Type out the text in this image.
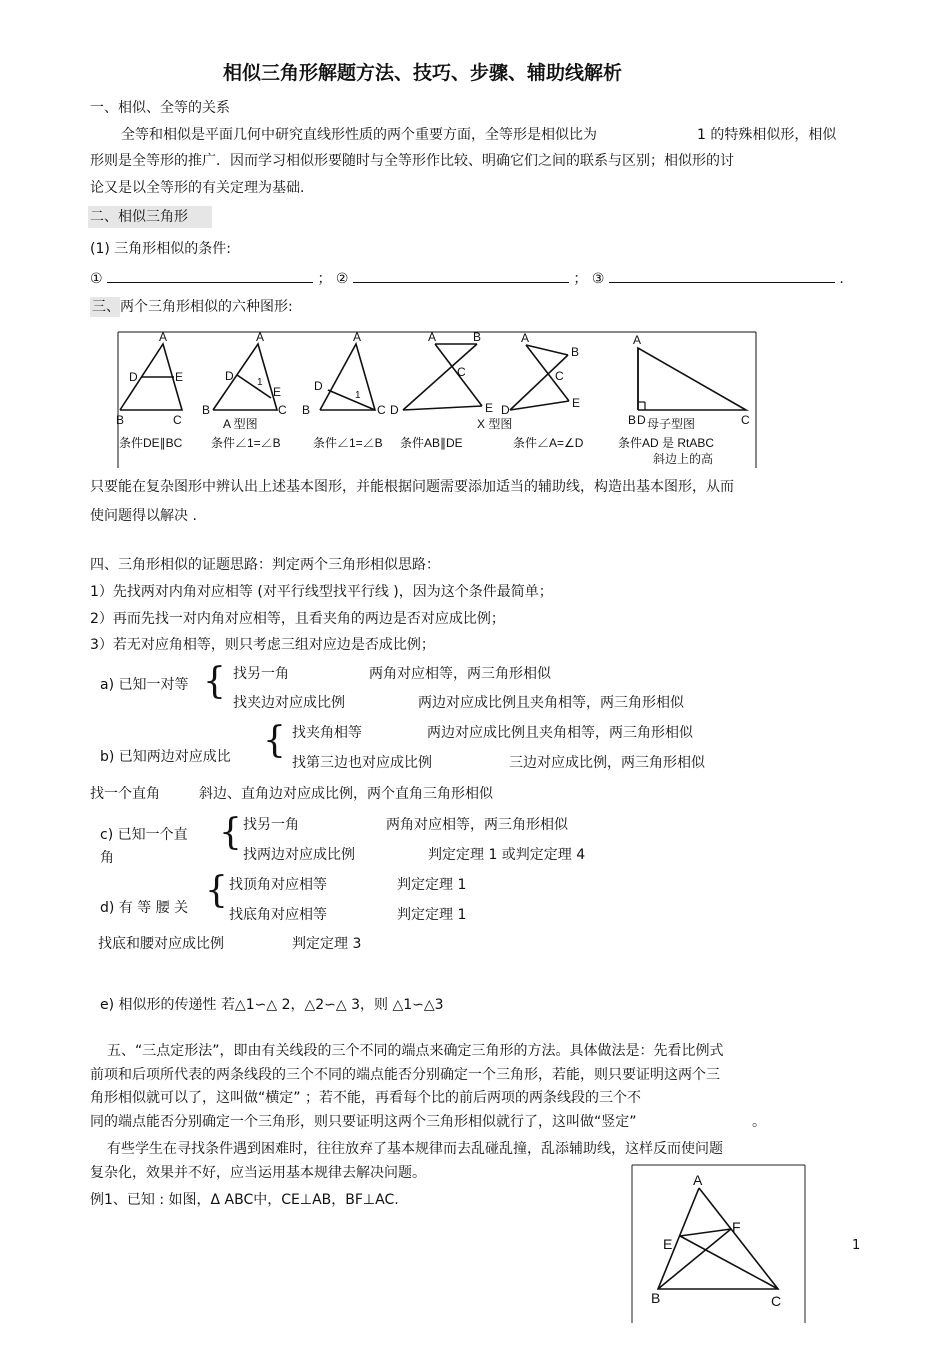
相似三角形解题方法、技巧、步骤、辅助线解析
一、相似、全等的关系
全等和相似是平面几何中研究直线形性质的两个重要方面，全等形是相似比为	1 的特殊相似形，相似
形则是全等形的推广．因而学习相似形要随时与全等形作比较、明确它们之间的联系与区别；相似形的讨
论又是以全等形的有关定理为基础.
二、相似三角形
(1) 三角形相似的条件:
①	； ②	； ③	.
三、两个三角形相似的六种图形:
A
D	E
B	C
A
D 1
E
B	C
A 型图
A
D
1
B	C
A	B
C
D	E
X 型图
A
B
C
D	E
A
B D	C
母子型图
条件DE∥BC 条件∠1=∠B	条件∠1=∠B 条件AB∥DE	条件∠A=∠D	条件AD 是 RtABC
斜边上的高
只要能在复杂图形中辨认出上述基本图形，并能根据问题需要添加适当的辅助线，构造出基本图形，从而
使问题得以解决 .
四、三角形相似的证题思路：判定两个三角形相似思路：
1）先找两对内角对应相等 (对平行线型找平行线 )，因为这个条件最简单；
2）再而先找一对内角对应相等，且看夹角的两边是否对应成比例；
3）若无对应角相等，则只考虑三组对应边是否成比例；
a) 已知一对等 { 找另一角	两角对应相等，两三角形相似
找夹边对应成比例	两边对应成比例且夹角相等，两三角形相似
b) 已知两边对应成比 { 找夹角相等	两边对应成比例且夹角相等，两三角形相似
找第三边也对应成比例	三边对应成比例，两三角形相似
找一个直角	斜边、直角边对应成比例，两个直角三角形相似
c) 已知一个直
角
{ 找另一角	两角对应相等，两三角形相似
找两边对应成比例	判定定理 1 或判定定理 4
d) 有 等 腰 关 { 找顶角对应相等	判定定理 1
找底角对应相等	判定定理 1
找底和腰对应成比例	判定定理 3
e) 相似形的传递性 若△1∽△ 2，△2∽△ 3，则 △1∽△3
五、“三点定形法”，即由有关线段的三个不同的端点来确定三角形的方法。具体做法是：先看比例式
前项和后项所代表的两条线段的三个不同的端点能否分别确定一个三角形，若能，则只要证明这两个三
角形相似就可以了，这叫做“横定” ；若不能，再看每个比的前后两项的两条线段的三个不
同的端点能否分别确定一个三角形，则只要证明这两个三角形相似就行了，这叫做“竖定”	。
有些学生在寻找条件遇到困难时，往往放弃了基本规律而去乱碰乱撞，乱添辅助线，这样反而使问题
复杂化，效果并不好，应当运用基本规律去解决问题。
例1、已知 : 如图，Δ ABC中，CE⊥AB，BF⊥AC.
A
E
F
B	C
1
